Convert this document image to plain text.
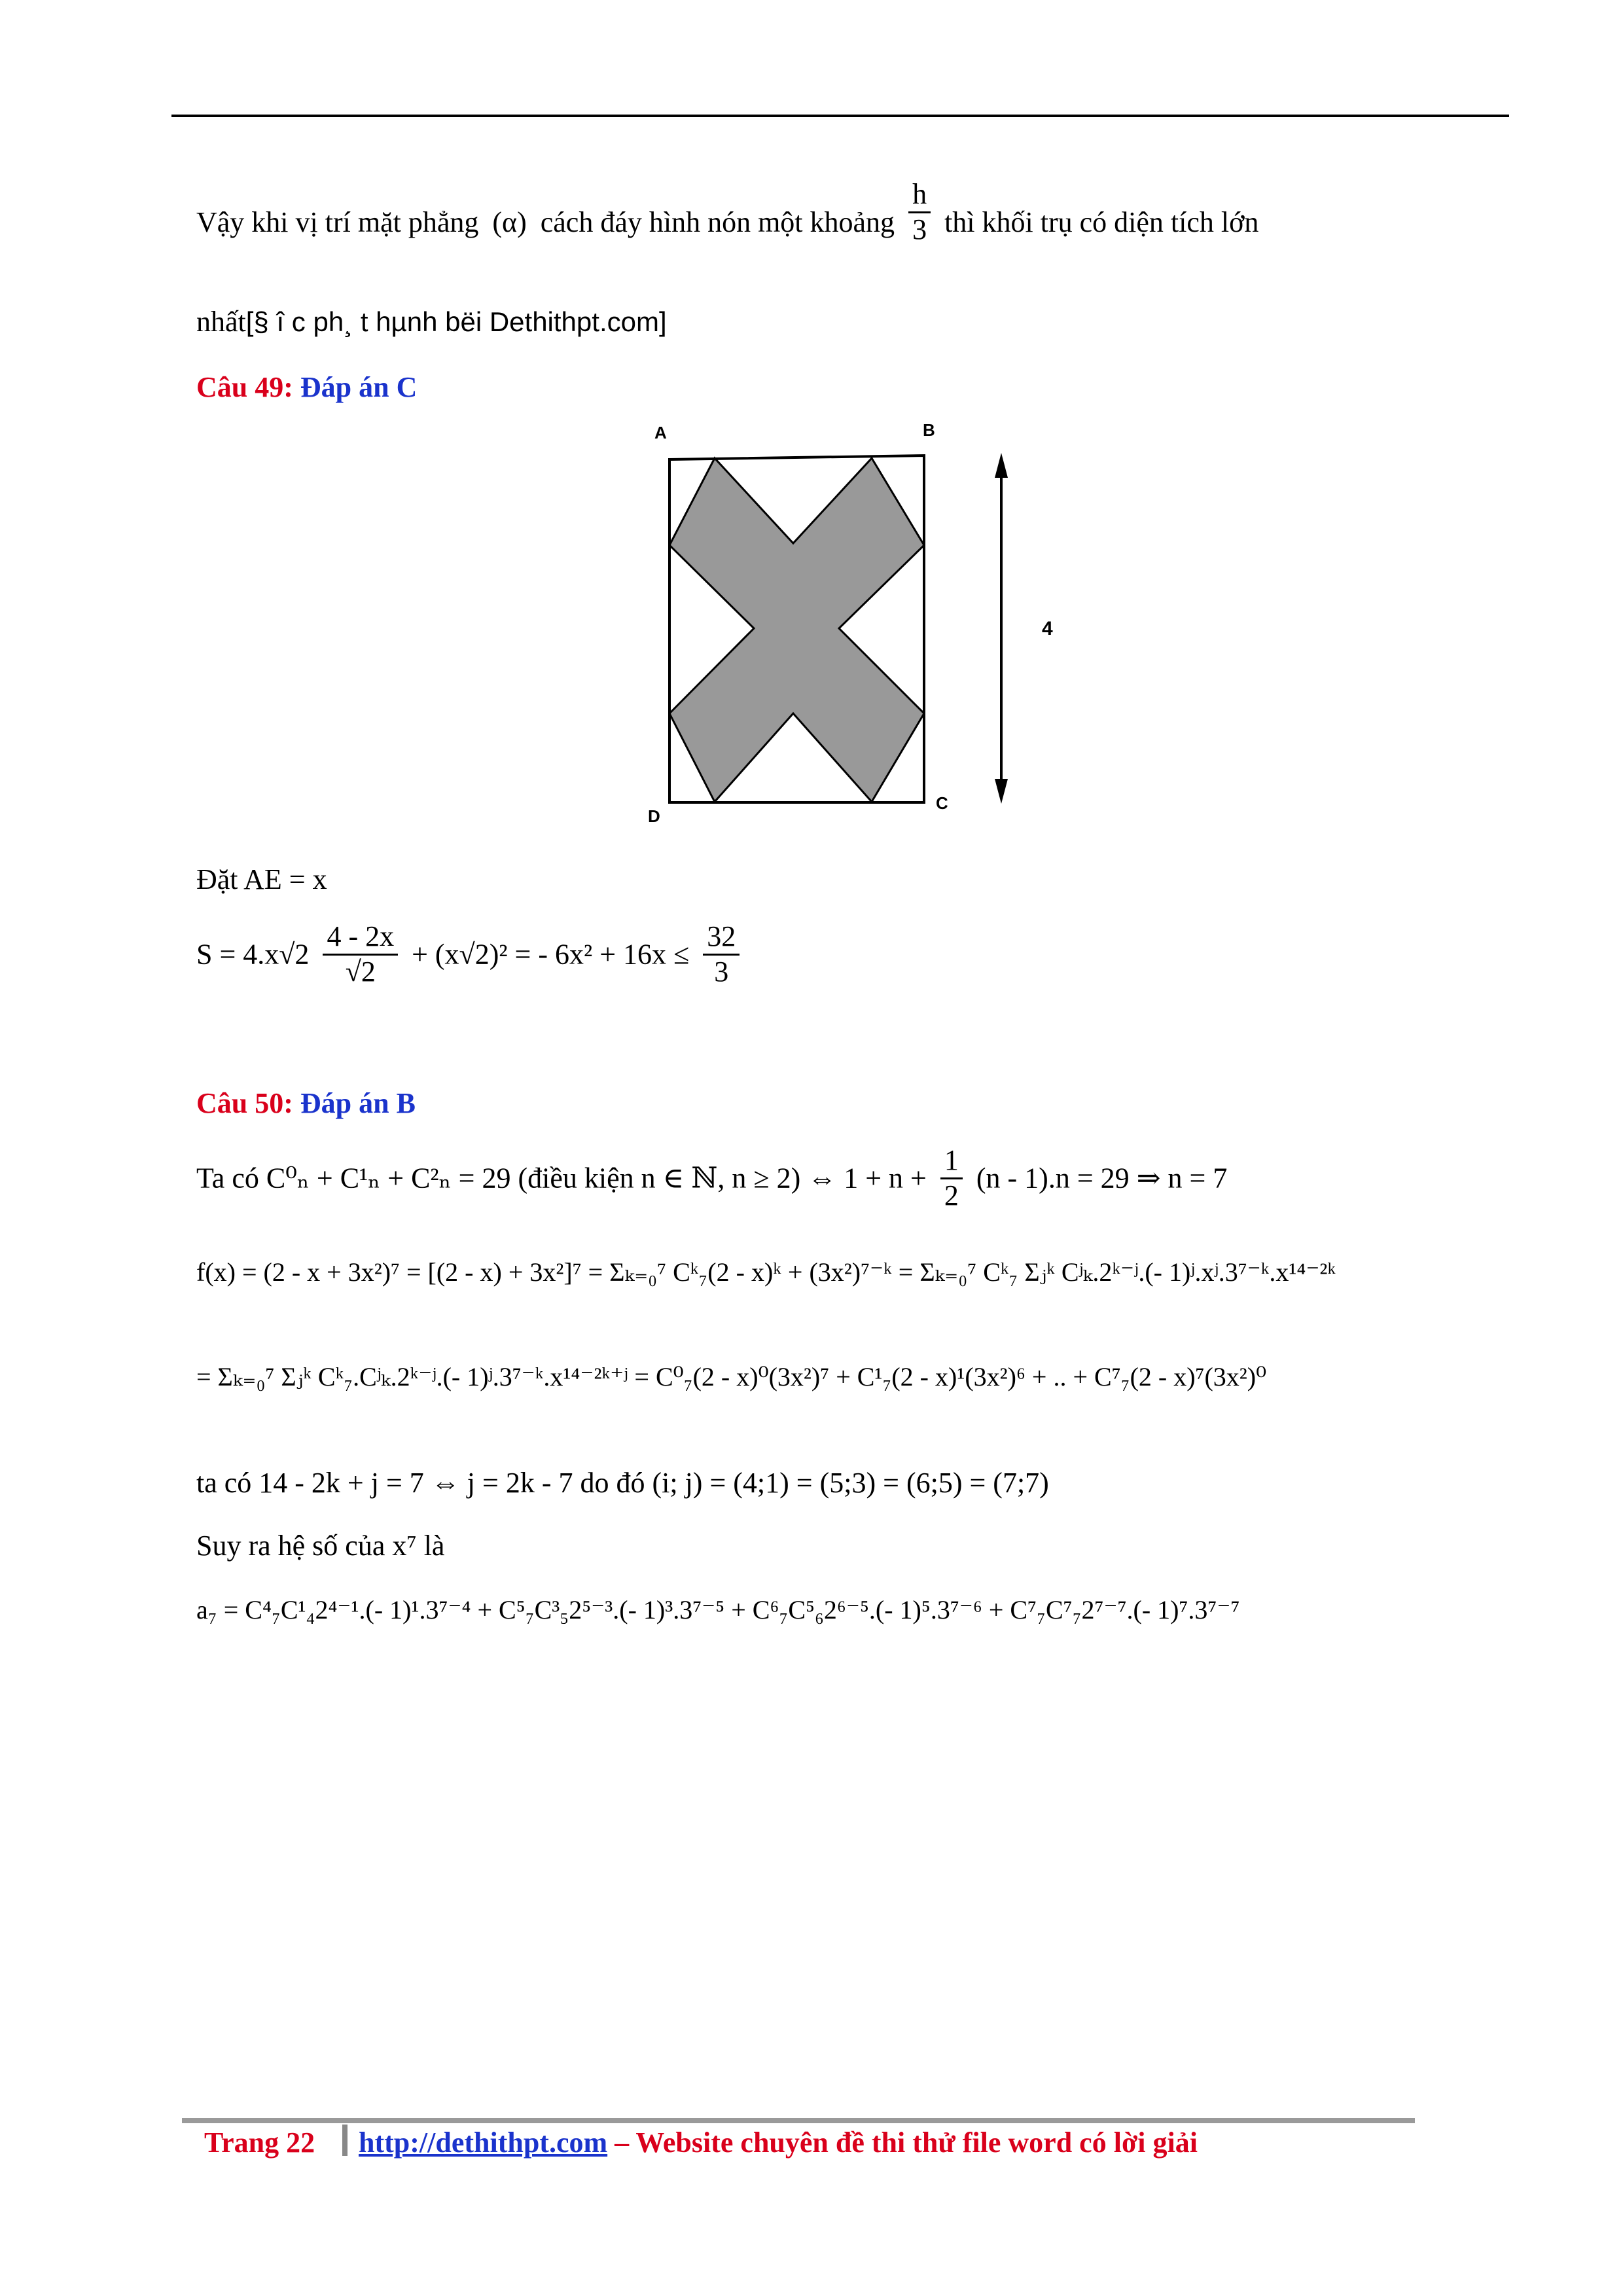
Vậy khi vị trí mặt phẳng (α) cách đáy hình nón một khoảng $\frac{h}{3}$ thì khối trụ có diện tích lớn
nhất[§ î c ph¸ t hµnh bëi Dethithpt.com]
Câu 49: Đáp án C
A	B
C
D
4
Đặt AE = x
$S = 4.x√2 \frac{4 - 2x}{√2} + (x√2)^2$ = - $6x^2 + 16x \le \frac{32}{3}$
Câu 50: Đáp án B
Ta có C⁰ₙ + C¹ₙ + C²ₙ = 29 (điều kiện n ∈ ℕ, n ≥ 2) ⇔ $1 + n + \frac{1}{2} (n - 1).n = 29$ ⇒ n = 7
f(x) = (2 - x + 3x²)⁷ = [(2 - x) + 3x²]⁷ = Σₖ₌₀⁷ Cᵏ₇(2 - x)ᵏ + (3x²)⁷⁻ᵏ = Σₖ₌₀⁷ Cᵏ₇ Σⱼᵏ Cʲₖ.2ᵏ⁻ʲ.(- 1)ʲ.xʲ.3⁷⁻ᵏ.x¹⁴⁻²ᵏ
= Σₖ₌₀⁷ Σⱼᵏ Cᵏ₇.Cʲₖ.2ᵏ⁻ʲ.(- 1)ʲ.3⁷⁻ᵏ.x¹⁴⁻²ᵏ⁺ʲ = C⁰₇(2 - x)⁰(3x²)⁷ + C¹₇(2 - x)¹(3x²)⁶ + .. + C⁷₇(2 - x)⁷(3x²)⁰
ta có 14 - 2k + j = 7 ⇔ j = 2k - 7 do đó (i; j) = (4;1) = (5;3) = (6;5) = (7;7)
Suy ra hệ số của x⁷ là
a₇ = C⁴₇C¹₄2⁴⁻¹.(- 1)¹.3⁷⁻⁴ + C⁵₇C³₅2⁵⁻³.(- 1)³.3⁷⁻⁵ + C⁶₇C⁵₆2⁶⁻⁵.(- 1)⁵.3⁷⁻⁶ + C⁷₇C⁷₇2⁷⁻⁷.(- 1)⁷.3⁷⁻⁷
Trang 22 http://dethithpt.com – Website chuyên đề thi thử file word có lời giải
